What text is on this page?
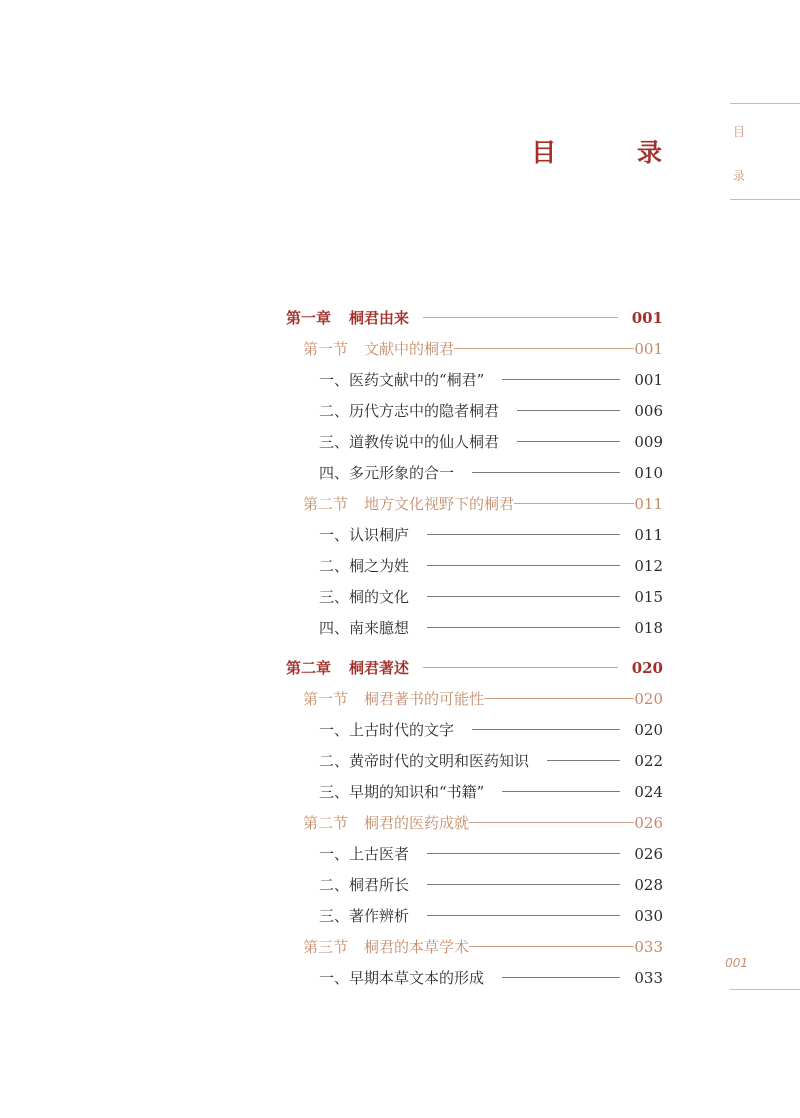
目
录
目 录
第一章 桐君由来	001
第一节 文献中的桐君	001
一、医药文献中的“桐君”	001
二、历代方志中的隐者桐君	006
三、道教传说中的仙人桐君	009
四、多元形象的合一	010
第二节 地方文化视野下的桐君	011
一、认识桐庐	011
二、桐之为姓	012
三、桐的文化	015
四、南来臆想	018
第二章 桐君著述	020
第一节 桐君著书的可能性	020
一、上古时代的文字	020
二、黄帝时代的文明和医药知识	022
三、早期的知识和“书籍”	024
第二节 桐君的医药成就	026
一、上古医者	026
二、桐君所长	028
三、著作辨析	030
第三节 桐君的本草学术	033
一、早期本草文本的形成	033
001
